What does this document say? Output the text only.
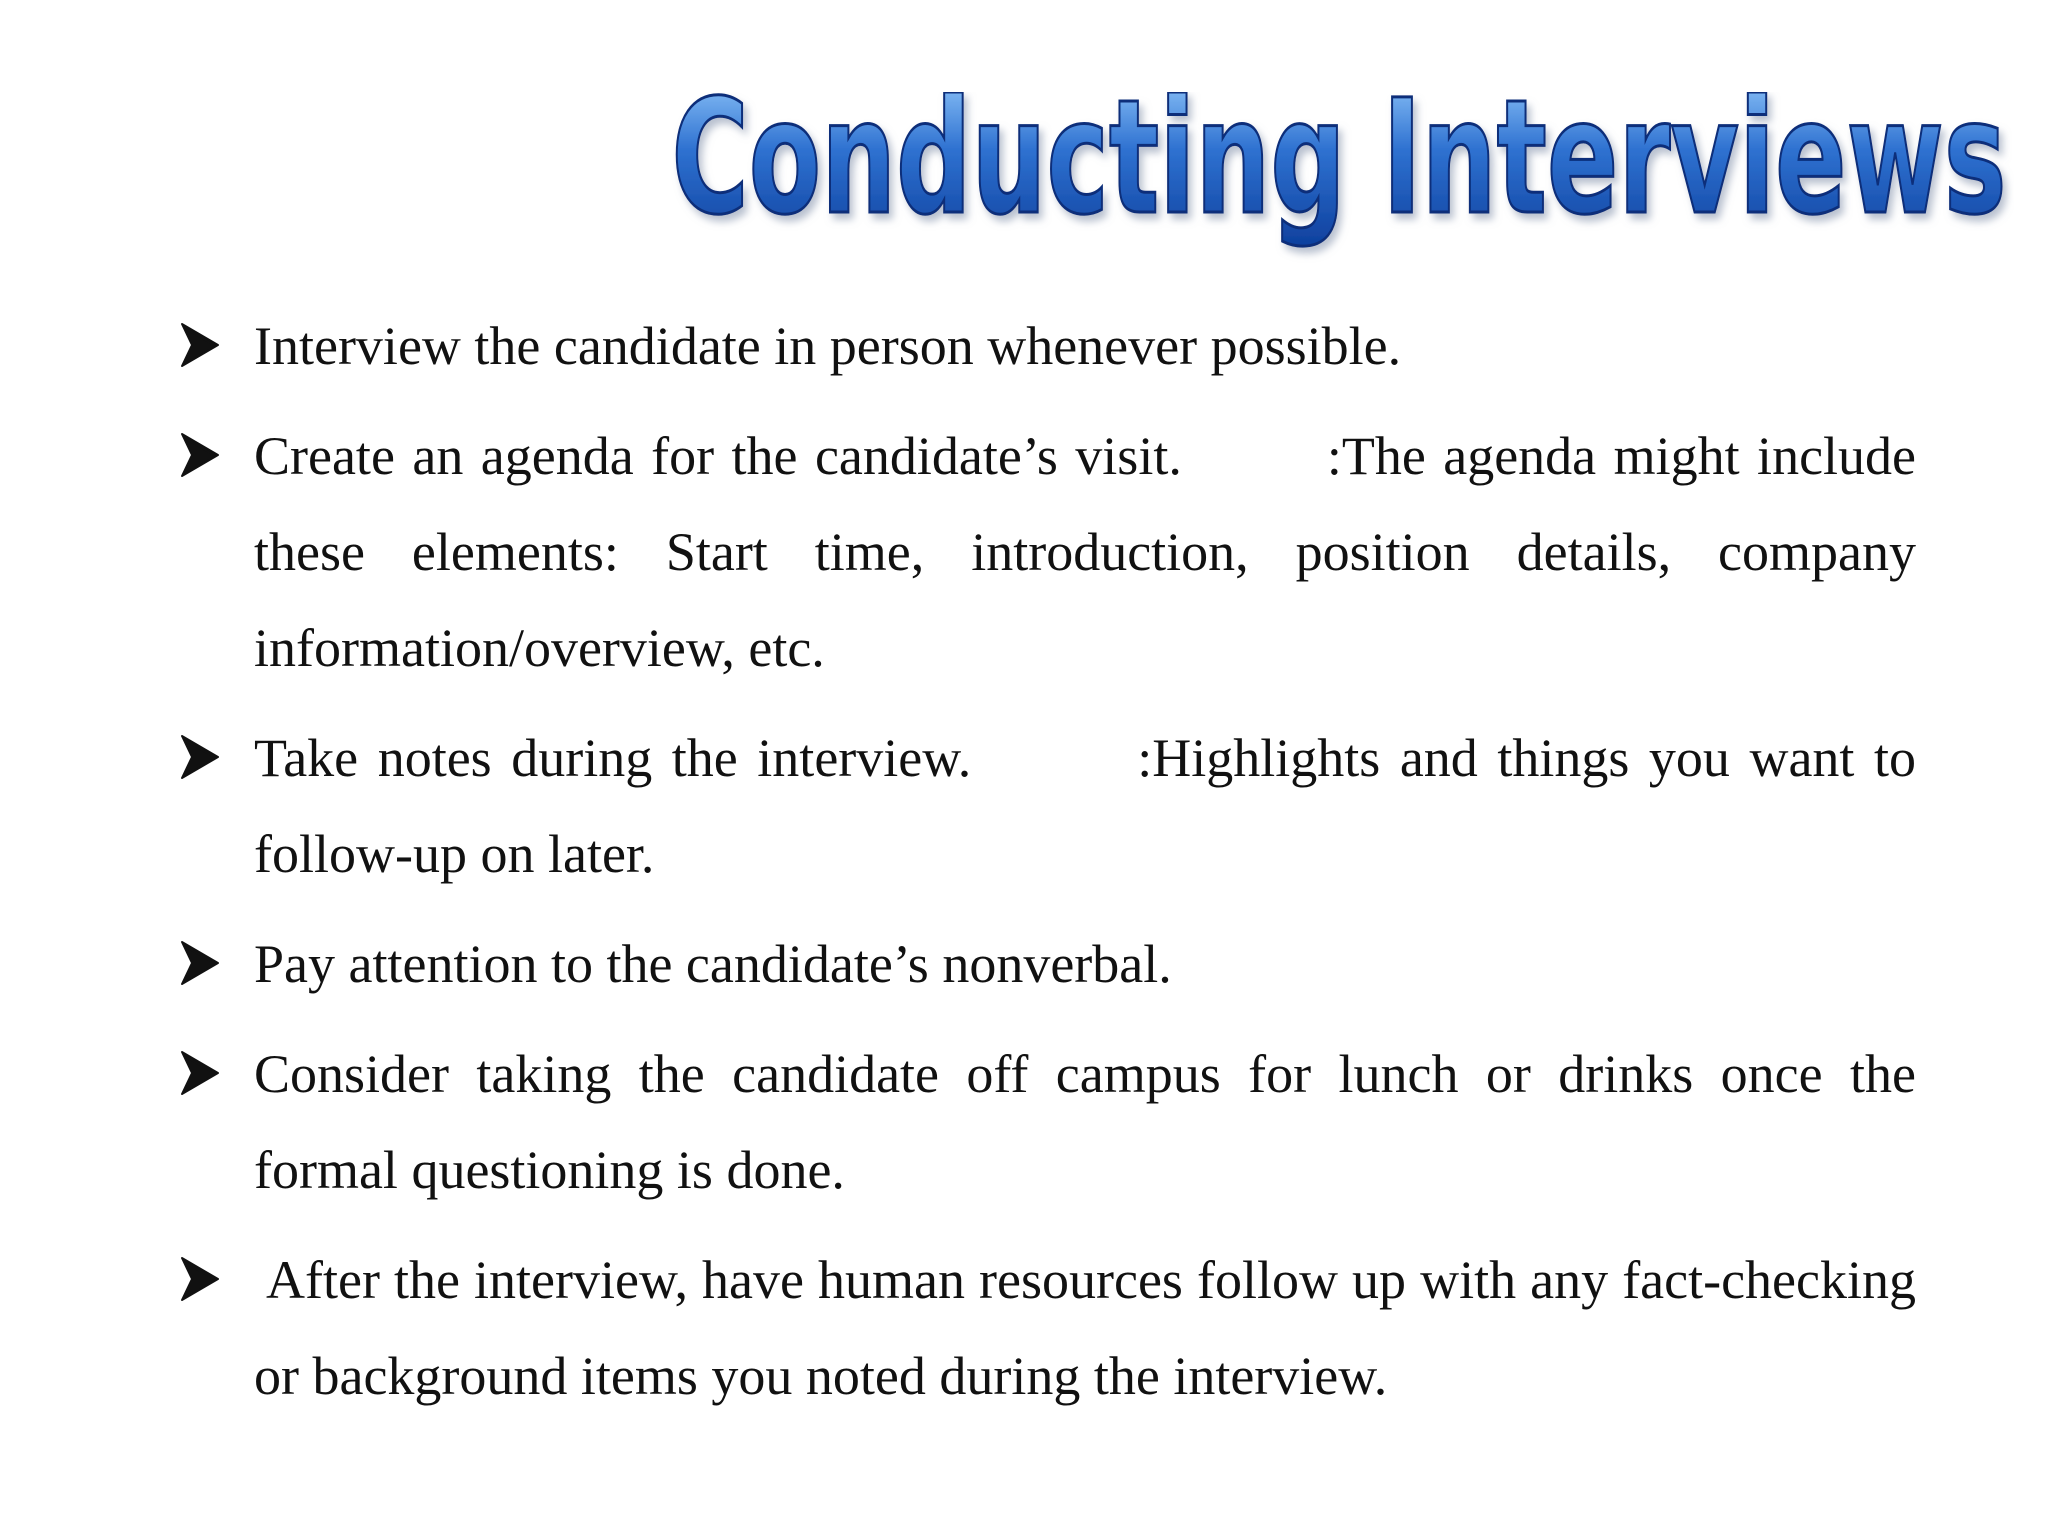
Conducting Interviews
Interview the candidate in person whenever possible.
Create an agenda for the candidate’s visit.	:The agenda might include these elements: Start time, introduction, position details, company information/overview, etc.
Take notes during the interview.	:Highlights and things you want to follow-up on later.
Pay attention to the candidate’s nonverbal.
Consider taking the candidate off campus for lunch or drinks once the formal questioning is done.
After the interview, have human resources follow up with any fact-checking or background items you noted during the interview.
